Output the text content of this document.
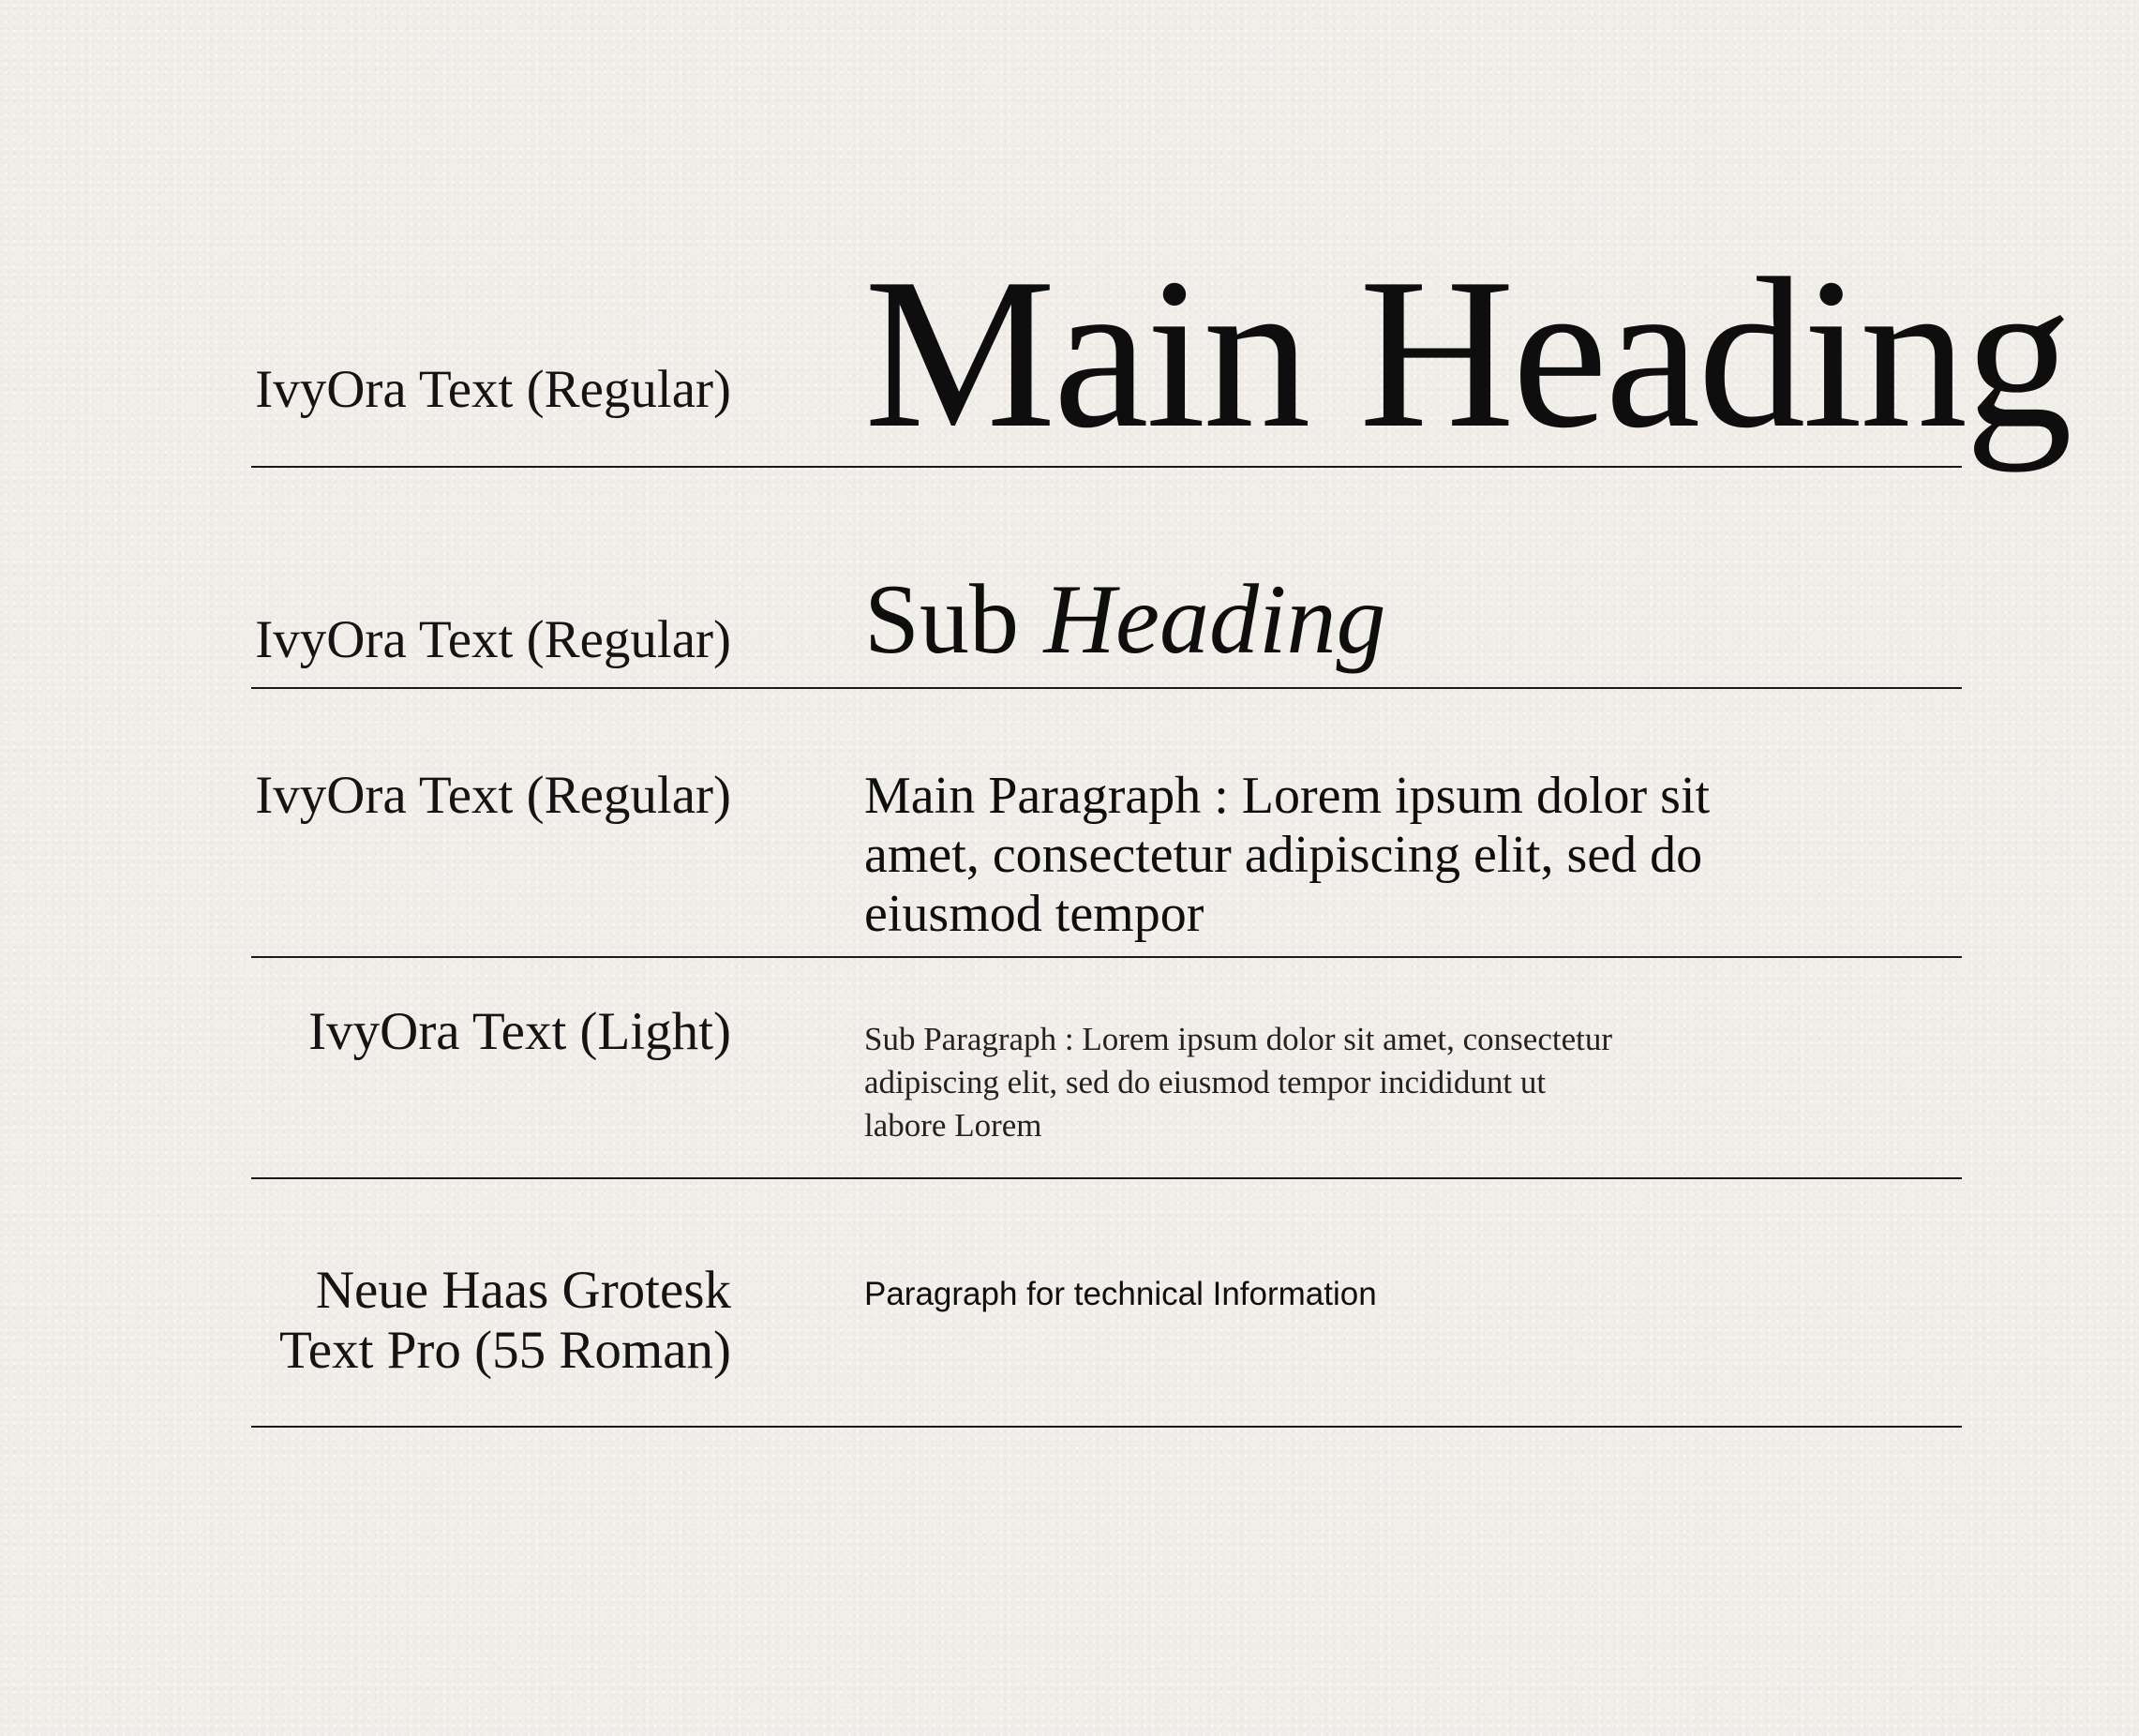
IvyOra Text (Regular) Main Heading
IvyOra Text (Regular) Sub Heading
IvyOra Text (Regular)	Main Paragraph : Lorem ipsum dolor sit amet, consectetur adipiscing elit, sed do eiusmod tempor
IvyOra Text (Light)	Sub Paragraph : Lorem ipsum dolor sit amet, consectetur adipiscing elit, sed do eiusmod tempor incididunt ut labore Lorem
Neue Haas Grotesk
Text Pro (55 Roman)
Paragraph for technical Information
